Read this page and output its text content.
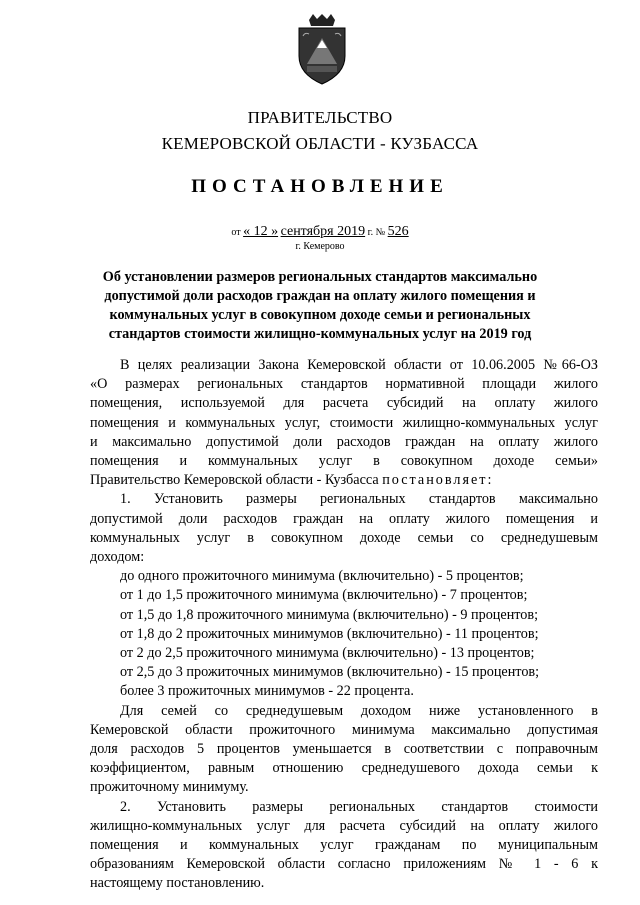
ПРАВИТЕЛЬСТВО
КЕМЕРОВСКОЙ ОБЛАСТИ - КУЗБАССА
ПОСТАНОВЛЕНИЕ
от « 12 » сентября 2019 г. № 526
г. Кемерово
Об установлении размеров региональных стандартов максимально допустимой доли расходов граждан на оплату жилого помещения и коммунальных услуг в совокупном доходе семьи и региональных стандартов стоимости жилищно-коммунальных услуг на 2019 год

В целях реализации Закона Кемеровской области от 10.06.2005 №66-ОЗ

«О размерах региональных стандартов нормативной площади жилого

помещения, используемой для расчета субсидий на оплату жилого

помещения и коммунальных услуг, стоимости жилищно-коммунальных услуг

и максимально допустимой доли расходов граждан на оплату жилого

помещения и коммунальных услуг в совокупном доходе семьи»

Правительство Кемеровской области - Кузбасса постановляет:

1. Установить размеры региональных стандартов максимально

допустимой доли расходов граждан на оплату жилого помещения и

коммунальных услуг в совокупном доходе семьи со среднедушевым

доходом:

до одного прожиточного минимума (включительно) - 5 процентов;

от 1 до 1,5 прожиточного минимума (включительно) - 7 процентов;

от 1,5 до 1,8 прожиточного минимума (включительно) - 9 процентов;

от 1,8 до 2 прожиточных минимумов (включительно) - 11 процентов;

от 2 до 2,5 прожиточного минимума (включительно) - 13 процентов;

от 2,5 до 3 прожиточных минимумов (включительно) - 15 процентов;

более 3 прожиточных минимумов - 22 процента.

Для семей со среднедушевым доходом ниже установленного в

Кемеровской области прожиточного минимума максимально допустимая

доля расходов 5 процентов уменьшается в соответствии с поправочным

коэффициентом, равным отношению среднедушевого дохода семьи к

прожиточному минимуму.

2. Установить размеры региональных стандартов стоимости

жилищно-коммунальных услуг для расчета субсидий на оплату жилого

помещения и коммунальных услуг гражданам по муниципальным

образованиям Кемеровской области согласно приложениям № 1 - 6 к

настоящему постановлению.
